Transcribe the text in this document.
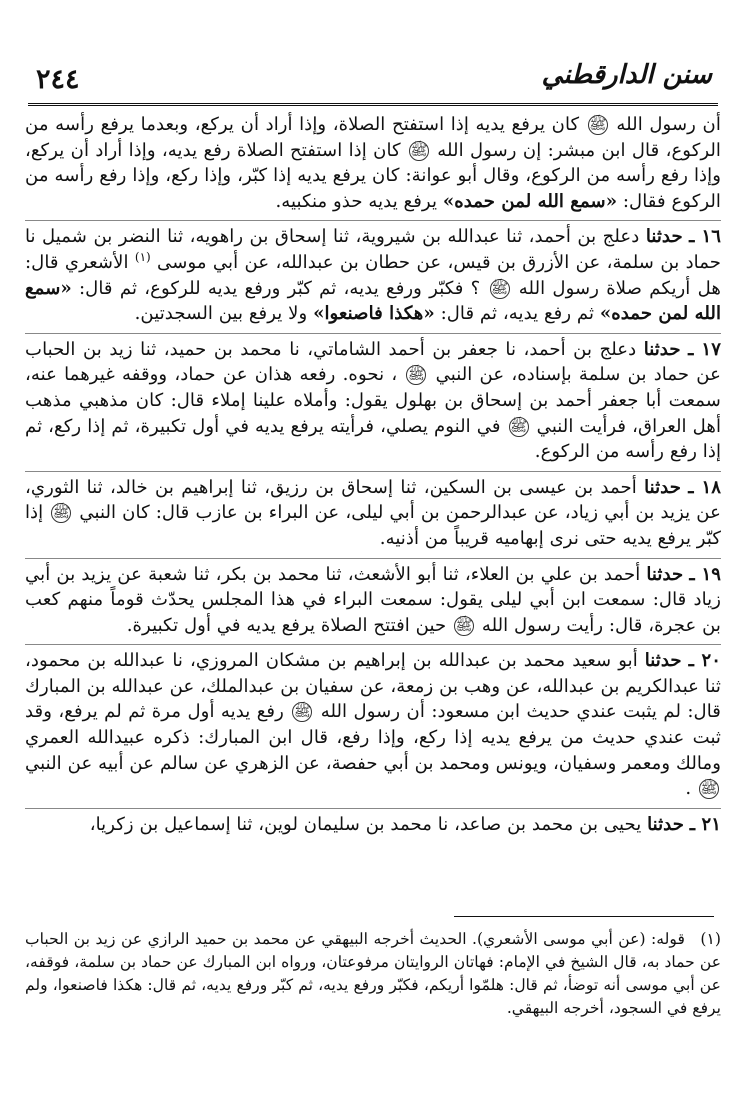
٢٤٤	سنن الدارقطني

أن رسول الله ﷺ كان يرفع يديه إذا استفتح الصلاة، وإذا أراد أن يركع، وبعدما يرفع رأسه من الركوع، قال ابن مبشر: إن رسول الله ﷺ كان إذا استفتح الصلاة رفع يديه، وإذا أراد أن يركع، وإذا رفع رأسه من الركوع، وقال أبو عوانة: كان يرفع يديه إذا كبّر، وإذا ركع، وإذا رفع رأسه من الركوع فقال: «سمع الله لمن حمده» يرفع يديه حذو منكبيه.

١٦ ـ حدثنا دعلج بن أحمد، ثنا عبدالله بن شيروية، ثنا إسحاق بن راهويه، ثنا النضر بن شميل نا حماد بن سلمة، عن الأزرق بن قيس، عن حطان بن عبدالله، عن أبي موسى $^{(١)}$ الأشعري قال: هل أريكم صلاة رسول الله ﷺ ؟ فكبّر ورفع يديه، ثم كبّر ورفع يديه للركوع، ثم قال: «سمع الله لمن حمده» ثم رفع يديه، ثم قال: «هكذا فاصنعوا» ولا يرفع بين السجدتين.

١٧ ـ حدثنا دعلج بن أحمد، نا جعفر بن أحمد الشاماتي، نا محمد بن حميد، ثنا زيد بن الحباب عن حماد بن سلمة بإسناده، عن النبي ﷺ ، نحوه. رفعه هذان عن حماد، ووقفه غيرهما عنه، سمعت أبا جعفر أحمد بن إسحاق بن بهلول يقول: وأملاه علينا إملاء قال: كان مذهبي مذهب أهل العراق، فرأيت النبي ﷺ في النوم يصلي، فرأيته يرفع يديه في أول تكبيرة، ثم إذا ركع، ثم إذا رفع رأسه من الركوع.

١٨ ـ حدثنا أحمد بن عيسى بن السكين، ثنا إسحاق بن رزيق، ثنا إبراهيم بن خالد، ثنا الثوري، عن يزيد بن أبي زياد، عن عبدالرحمن بن أبي ليلى، عن البراء بن عازب قال: كان النبي ﷺ إذا كبّر يرفع يديه حتى نرى إبهاميه قريباً من أذنيه.

١٩ ـ حدثنا أحمد بن علي بن العلاء، ثنا أبو الأشعث، ثنا محمد بن بكر، ثنا شعبة عن يزيد بن أبي زياد قال: سمعت ابن أبي ليلى يقول: سمعت البراء في هذا المجلس يحدّث قوماً منهم كعب بن عجرة، قال: رأيت رسول الله ﷺ حين افتتح الصلاة يرفع يديه في أول تكبيرة.

٢٠ ـ حدثنا أبو سعيد محمد بن عبدالله بن إبراهيم بن مشكان المروزي، نا عبدالله بن محمود، ثنا عبدالكريم بن عبدالله، عن وهب بن زمعة، عن سفيان بن عبدالملك، عن عبدالله بن المبارك قال: لم يثبت عندي حديث ابن مسعود: أن رسول الله ﷺ رفع يديه أول مرة ثم لم يرفع، وقد ثبت عندي حديث من يرفع يديه إذا ركع، وإذا رفع، قال ابن المبارك: ذكره عبيدالله العمري ومالك ومعمر وسفيان، ويونس ومحمد بن أبي حفصة، عن الزهري عن سالم عن أبيه عن النبي ﷺ .

٢١ ـ حدثنا يحيى بن محمد بن صاعد، نا محمد بن سليمان لوين، ثنا إسماعيل بن زكريا،

(١) قوله: (عن أبي موسى الأشعري). الحديث أخرجه البيهقي عن محمد بن حميد الرازي عن زيد بن الحباب عن حماد به، قال الشيخ في الإمام: فهاتان الروايتان مرفوعتان، ورواه ابن المبارك عن حماد بن سلمة، فوقفه، عن أبي موسى أنه توضأ، ثم قال: هلمّوا أريكم، فكبّر ورفع يديه، ثم كبّر ورفع يديه، ثم قال: هكذا فاصنعوا، ولم يرفع في السجود، أخرجه البيهقي.
